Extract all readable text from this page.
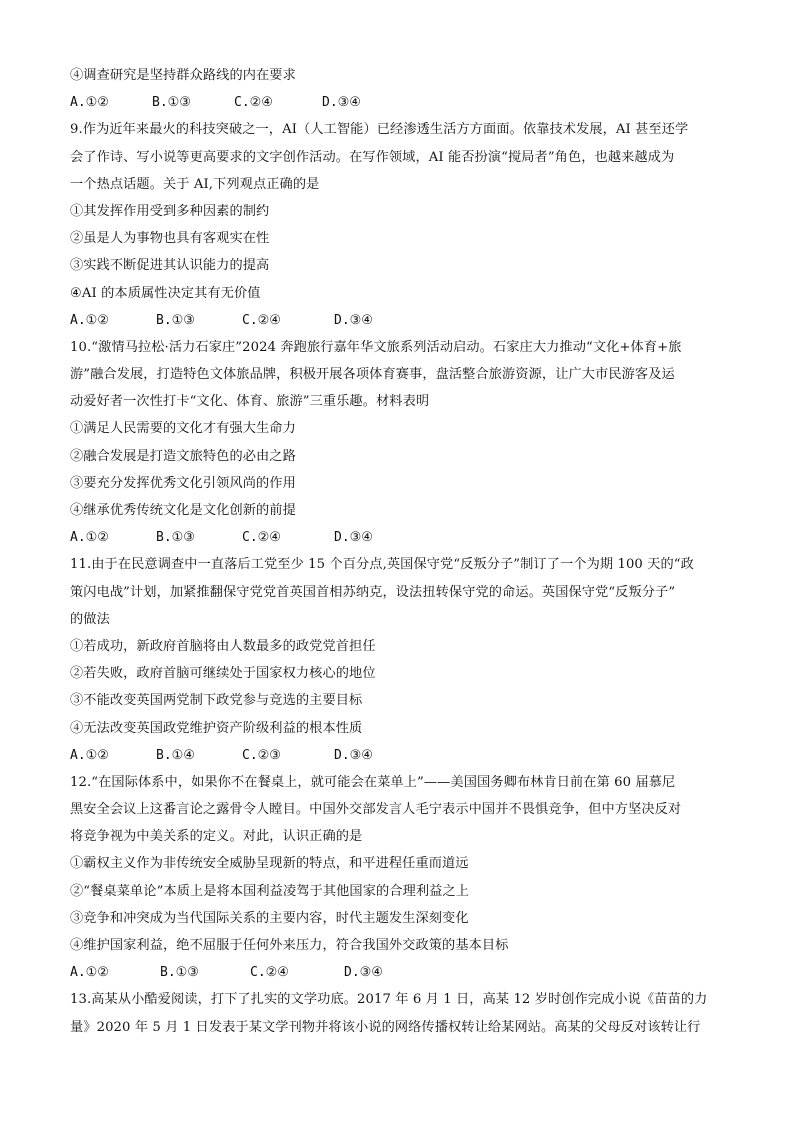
④调查研究是坚持群众路线的内在要求
A.①②	B.①③	C.②④	D.③④
9.作为近年来最火的科技突破之一，AI（人工智能）已经渗透生活方方面面。依靠技术发展，AI 甚至还学
会了作诗、写小说等更高要求的文字创作活动。在写作领域，AI 能否扮演“搅局者”角色，也越来越成为
一个热点话题。关于 AI,下列观点正确的是
①其发挥作用受到多种因素的制约
②虽是人为事物也具有客观实在性
③实践不断促进其认识能力的提高
④AI 的本质属性决定其有无价值
A.①②	B.①③	C.②④	D.③④
10.“激情马拉松·活力石家庄”2024 奔跑旅行嘉年华文旅系列活动启动。石家庄大力推动“文化+体育+旅
游”融合发展，打造特色文体旅品牌，积极开展各项体育赛事，盘活整合旅游资源，让广大市民游客及运
动爱好者一次性打卡“文化、体育、旅游”三重乐趣。材料表明
①满足人民需要的文化才有强大生命力
②融合发展是打造文旅特色的必由之路
③要充分发挥优秀文化引领风尚的作用
④继承优秀传统文化是文化创新的前提
A.①②	B.①③	C.②④	D.③④
11.由于在民意调查中一直落后工党至少 15 个百分点,英国保守党“反叛分子”制订了一个为期 100 天的“政
策闪电战”计划，加紧推翻保守党党首英国首相苏纳克，设法扭转保守党的命运。英国保守党“反叛分子”
的做法
①若成功，新政府首脑将由人数最多的政党党首担任
②若失败，政府首脑可继续处于国家权力核心的地位
③不能改变英国两党制下政党参与竞选的主要目标
④无法改变英国政党维护资产阶级利益的根本性质
A.①②	B.①④	C.②③	D.③④
12.“在国际体系中，如果你不在餐桌上，就可能会在菜单上”——美国国务卿布林肯日前在第 60 届慕尼
黑安全会议上这番言论之露骨令人瞠目。中国外交部发言人毛宁表示中国并不畏惧竞争，但中方坚决反对
将竞争视为中美关系的定义。对此，认识正确的是
①霸权主义作为非传统安全威胁呈现新的特点，和平进程任重而道远
②“餐桌菜单论”本质上是将本国利益凌驾于其他国家的合理利益之上
③竞争和冲突成为当代国际关系的主要内容，时代主题发生深刻变化
④维护国家利益，绝不屈服于任何外来压力，符合我国外交政策的基本目标
A.①②	B.①③	C.②④	D.③④
13.高某从小酷爱阅读，打下了扎实的文学功底。2017 年 6 月 1 日，高某 12 岁时创作完成小说《苗苗的力
量》2020 年 5 月 1 日发表于某文学刊物并将该小说的网络传播权转让给某网站。高某的父母反对该转让行
